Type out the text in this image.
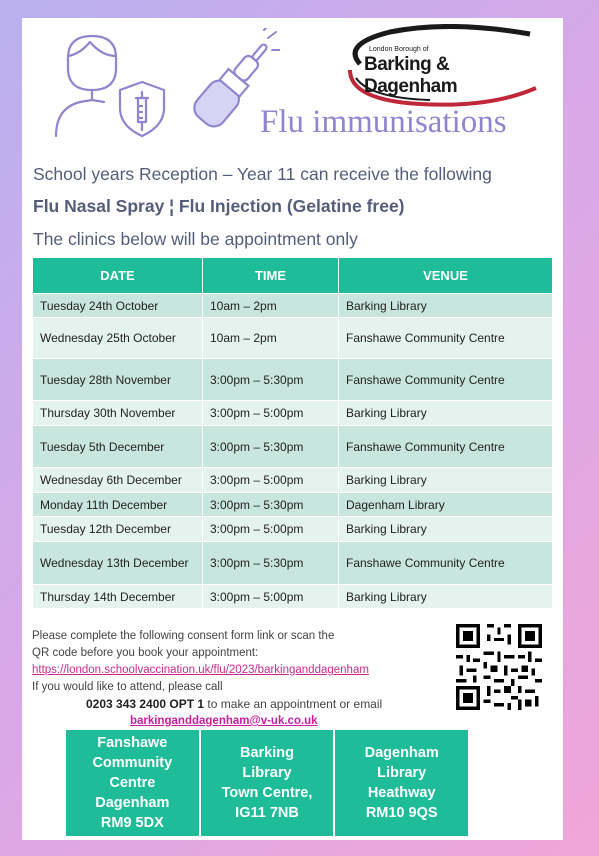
London Borough of
Barking & Dagenham
Flu immunisations
School years Reception – Year 11 can receive the following
Flu Nasal Spray ¦ Flu Injection (Gelatine free)
The clinics below will be appointment only
DATE	TIME	VENUE
Tuesday 24th October	10am – 2pm	Barking Library
Wednesday 25th October	10am – 2pm	Fanshawe Community Centre
Tuesday 28th November	3:00pm – 5:30pm	Fanshawe Community Centre
Thursday 30th November	3:00pm – 5:00pm	Barking Library
Tuesday 5th December	3:00pm – 5:30pm	Fanshawe Community Centre
Wednesday 6th December	3:00pm – 5:00pm	Barking Library
Monday 11th December	3:00pm – 5:30pm	Dagenham Library
Tuesday 12th December	3:00pm – 5:00pm	Barking Library
Wednesday 13th December	3:00pm – 5:30pm	Fanshawe Community Centre
Thursday 14th December	3:00pm – 5:00pm	Barking Library
Please complete the following consent form link or scan the
QR code before you book your appointment:
https://london.schoolvaccination.uk/flu/2023/barkinganddagenham
If you would like to attend, please call
0203 343 2400 OPT 1 to make an appointment or email
barkinganddagenham@v-uk.co.uk
Fanshawe
Community
Centre
Dagenham
RM9 5DX
Barking
Library
Town Centre,
IG11 7NB
Dagenham
Library
Heathway
RM10 9QS
